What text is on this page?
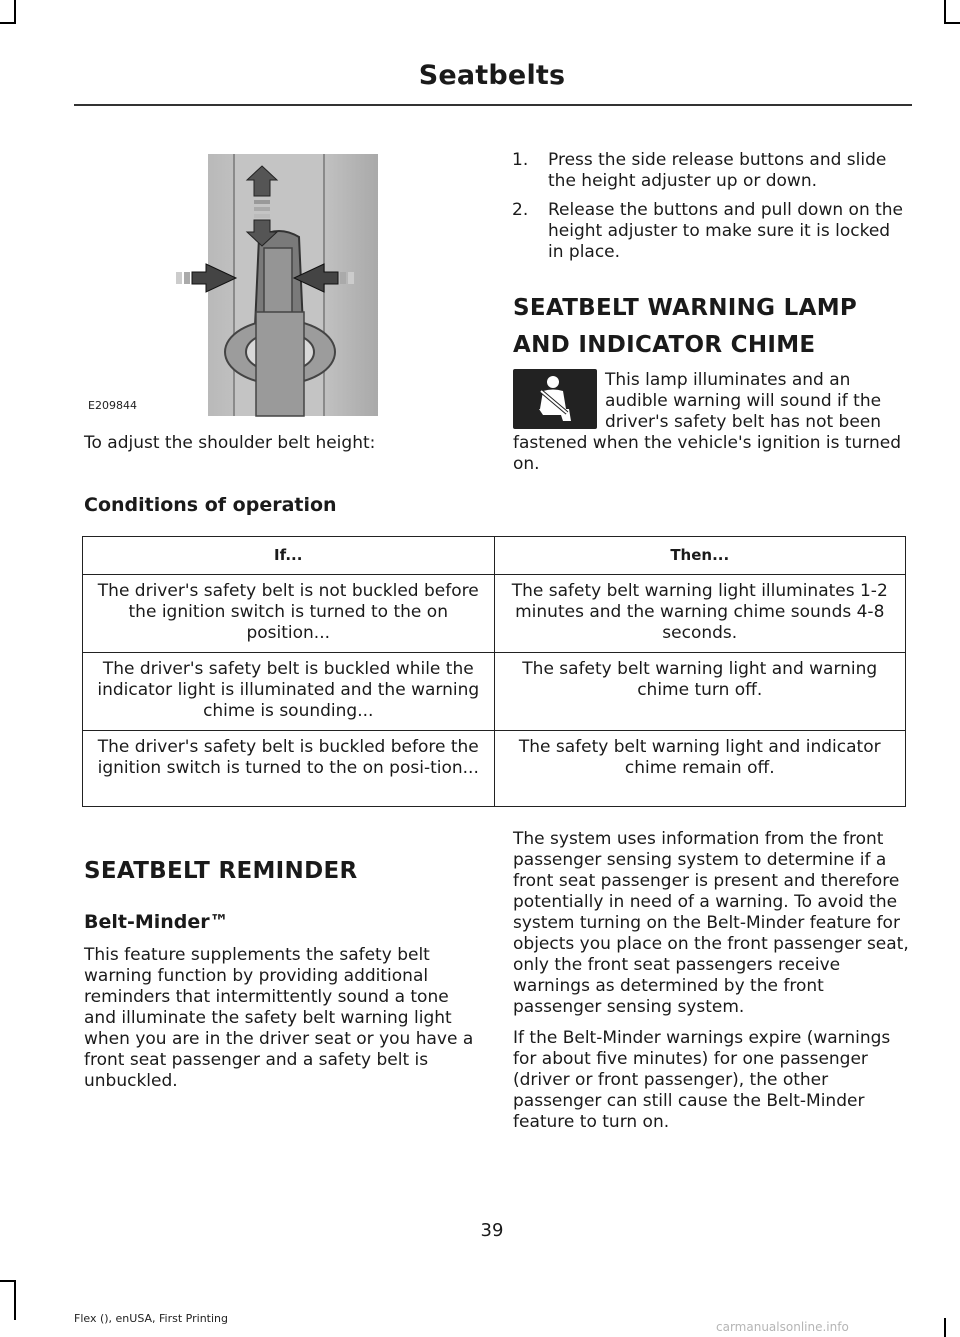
Seatbelts
E209844
To adjust the shoulder belt height:
1. Press the side release buttons and slide the height adjuster up or down.
2. Release the buttons and pull down on the height adjuster to make sure it is locked in place.
SEATBELT WARNING LAMP
AND INDICATOR CHIME
This lamp illuminates and an audible warning will sound if the driver's safety belt has not been fastened when the vehicle's ignition is turned on.
Conditions of operation
If...	Then...
The driver's safety belt is not buckled before the ignition switch is turned to the on position...	The safety belt warning light illuminates 1-2 minutes and the warning chime sounds 4-8 seconds.
The driver's safety belt is buckled while the indicator light is illuminated and the warning chime is sounding...	The safety belt warning light and warning chime turn off.
The driver's safety belt is buckled before the ignition switch is turned to the on posi-tion...	The safety belt warning light and indicator chime remain off.
SEATBELT REMINDER
Belt-Minder™
This feature supplements the safety belt warning function by providing additional reminders that intermittently sound a tone and illuminate the safety belt warning light when you are in the driver seat or you have a front seat passenger and a safety belt is unbuckled.

The system uses information from the front passenger sensing system to determine if a front seat passenger is present and therefore potentially in need of a warning. To avoid the system turning on the Belt-Minder feature for objects you place on the front passenger seat, only the front seat passengers receive warnings as determined by the front passenger sensing system.

If the Belt-Minder warnings expire (warnings for about five minutes) for one passenger (driver or front passenger), the other passenger can still cause the Belt-Minder feature to turn on.

39
Flex (), enUSA, First Printing
carmanualsonline.info
